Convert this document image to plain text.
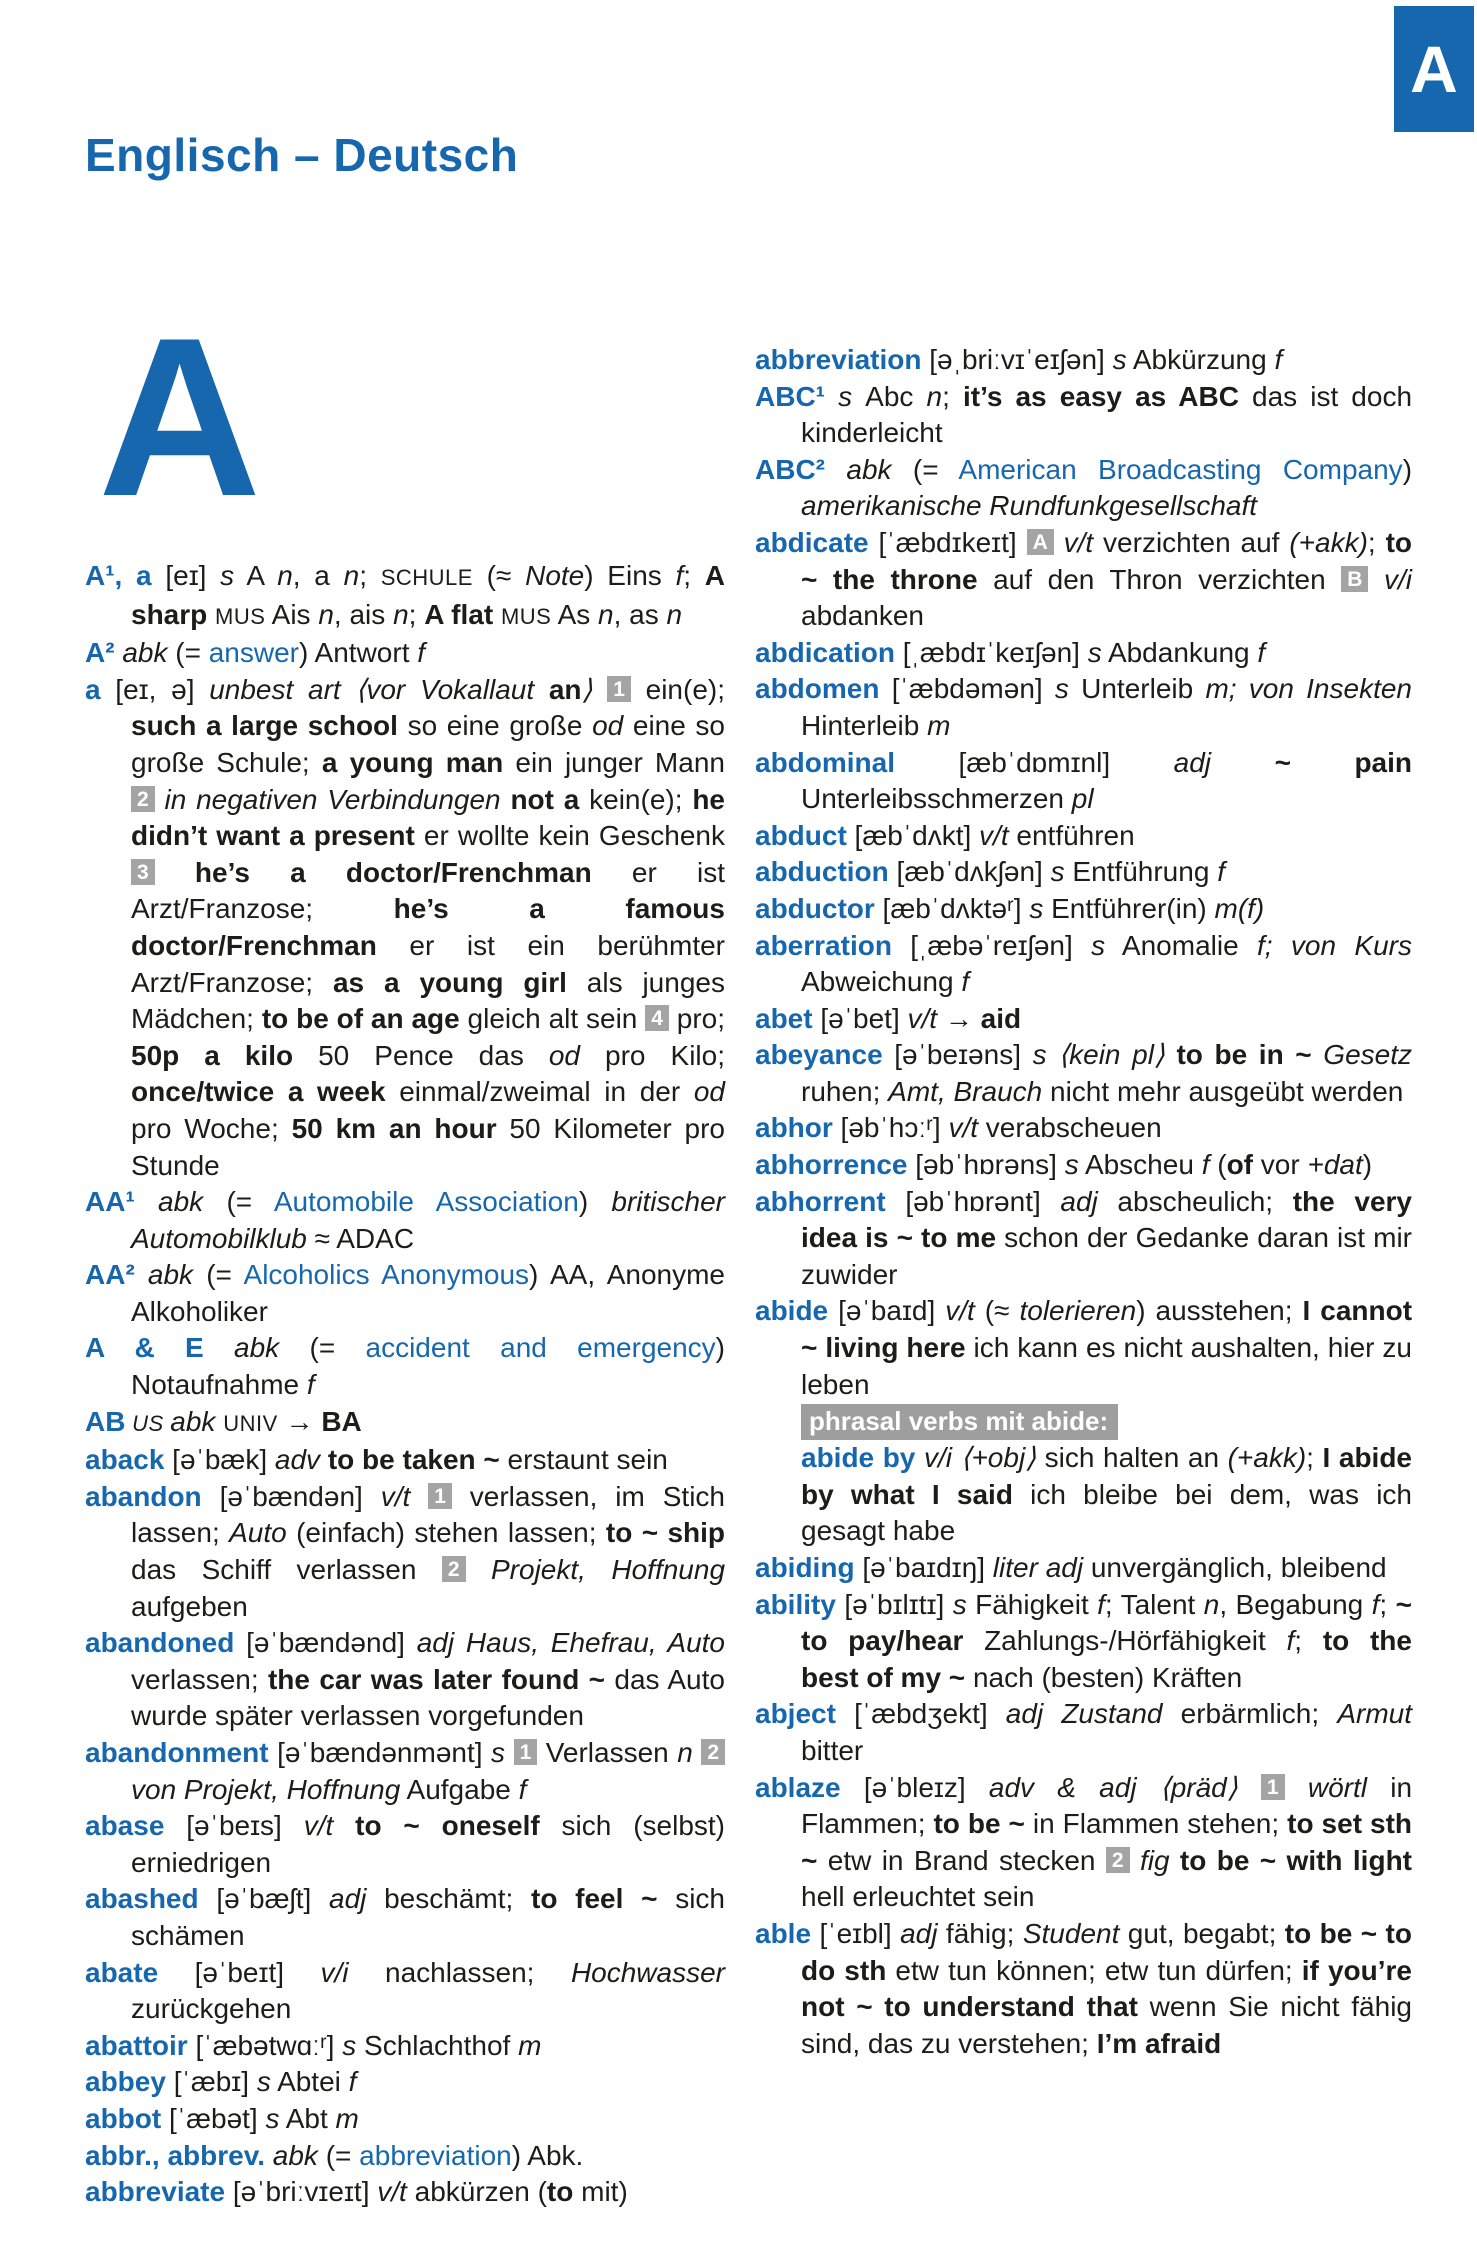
A
Englisch – Deutsch
A

A¹, a [eɪ] s A n, a n; SCHULE (≈ Note) Eins f; A sharp MUS Ais n, ais n; A flat MUS As n, as n

A² abk (= answer) Antwort f

a [eɪ, ə] unbest art ⟨vor Vokallaut an⟩ 1 ein(e); such a large school so eine große od eine so große Schule; a young man ein junger Mann 2 in negativen Verbindungen not a kein(e); he didn’t want a present er wollte kein Geschenk 3 he’s a doctor/Frenchman er ist Arzt/Franzose; he’s a famous doctor/Frenchman er ist ein berühmter Arzt/Franzose; as a young girl als junges Mädchen; to be of an age gleich alt sein 4 pro; 50p a kilo 50 Pence das od pro Kilo; once/twice a week einmal/zweimal in der od pro Woche; 50 km an hour 50 Kilometer pro Stunde

AA¹ abk (= Automobile Association) britischer Automobilklub ≈ ADAC

AA² abk (= Alcoholics Anonymous) AA, Anonyme Alkoholiker

A & E abk (= accident and emergency) Notaufnahme f

AB US abk UNIV → BA

aback [əˈbæk] adv to be taken ~ erstaunt sein

abandon [əˈbændən] v/t 1 verlassen, im Stich lassen; Auto (einfach) stehen lassen; to ~ ship das Schiff verlassen 2 Projekt, Hoffnung aufgeben

abandoned [əˈbændənd] adj Haus, Ehefrau, Auto verlassen; the car was later found ~ das Auto wurde später verlassen vorgefunden

abandonment [əˈbændənmənt] s 1 Verlassen n 2 von Projekt, Hoffnung Aufgabe f

abase [əˈbeɪs] v/t to ~ oneself sich (selbst) erniedrigen

abashed [əˈbæʃt] adj beschämt; to feel ~ sich schämen

abate [əˈbeɪt] v/i nachlassen; Hochwasser zurückgehen

abattoir [ˈæbətwɑːʳ] s Schlachthof m

abbey [ˈæbɪ] s Abtei f

abbot [ˈæbət] s Abt m

abbr., abbrev. abk (= abbreviation) Abk.

abbreviate [əˈbriːvɪeɪt] v/t abkürzen (to mit)

abbreviation [əˌbriːvɪˈeɪʃən] s Abkürzung f

ABC¹ s Abc n; it’s as easy as ABC das ist doch kinderleicht

ABC² abk (= American Broadcasting Company) amerikanische Rundfunkgesellschaft

abdicate [ˈæbdɪkeɪt] A v/t verzichten auf (+akk); to ~ the throne auf den Thron verzichten B v/i abdanken

abdication [ˌæbdɪˈkeɪʃən] s Abdankung f

abdomen [ˈæbdəmən] s Unterleib m; von Insekten Hinterleib m

abdominal [æbˈdɒmɪnl] adj ~ pain Unterleibsschmerzen pl

abduct [æbˈdʌkt] v/t entführen

abduction [æbˈdʌkʃən] s Entführung f

abductor [æbˈdʌktəʳ] s Entführer(in) m(f)

aberration [ˌæbəˈreɪʃən] s Anomalie f; von Kurs Abweichung f

abet [əˈbet] v/t → aid

abeyance [əˈbeɪəns] s ⟨kein pl⟩ to be in ~ Gesetz ruhen; Amt, Brauch nicht mehr ausgeübt werden

abhor [əbˈhɔːʳ] v/t verabscheuen

abhorrence [əbˈhɒrəns] s Abscheu f (of vor +dat)

abhorrent [əbˈhɒrənt] adj abscheulich; the very idea is ~ to me schon der Gedanke daran ist mir zuwider

abide [əˈbaɪd] v/t (≈ tolerieren) ausstehen; I cannot ~ living here ich kann es nicht aushalten, hier zu leben

phrasal verbs mit abide:

abide by v/i ⟨+obj⟩ sich halten an (+akk); I abide by what I said ich bleibe bei dem, was ich gesagt habe

abiding [əˈbaɪdɪŋ] liter adj unvergänglich, bleibend

ability [əˈbɪlɪtɪ] s Fähigkeit f; Talent n, Begabung f; ~ to pay/hear Zahlungs-/Hörfähigkeit f; to the best of my ~ nach (besten) Kräften

abject [ˈæbdʒekt] adj Zustand erbärmlich; Armut bitter

ablaze [əˈbleɪz] adv & adj ⟨präd⟩ 1 wörtl in Flammen; to be ~ in Flammen stehen; to set sth ~ etw in Brand stecken 2 fig to be ~ with light hell erleuchtet sein

able [ˈeɪbl] adj fähig; Student gut, begabt; to be ~ to do sth etw tun können; etw tun dürfen; if you’re not ~ to understand that wenn Sie nicht fähig sind, das zu verstehen; I’m afraid
